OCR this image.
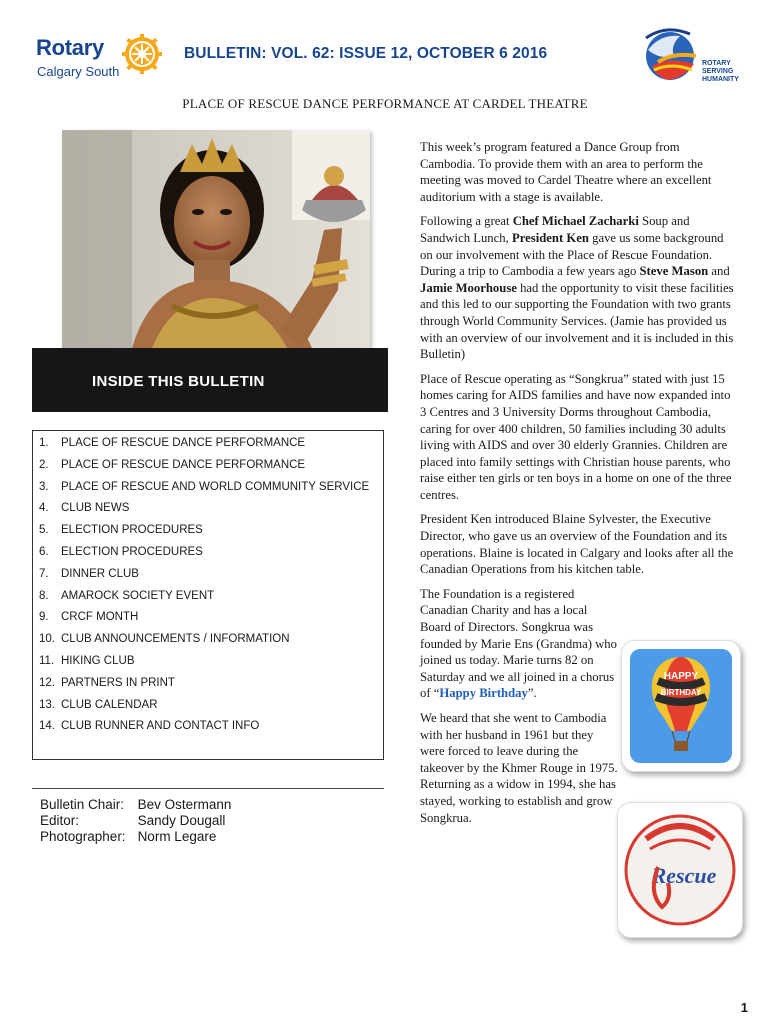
Rotary
Calgary South
BULLETIN: VOL. 62: ISSUE 12, OCTOBER 6 2016
ROTARY
SERVING
HUMANITY
PLACE OF RESCUE DANCE PERFORMANCE AT CARDEL THEATRE
INSIDE THIS BULLETIN
1.	PLACE OF RESCUE DANCE PERFORMANCE
2.	PLACE OF RESCUE DANCE PERFORMANCE
3.	PLACE OF RESCUE AND WORLD COMMUNITY SERVICE
4.	CLUB NEWS
5.	ELECTION PROCEDURES
6.	ELECTION PROCEDURES
7.	DINNER CLUB
8.	AMAROCK SOCIETY EVENT
9.	CRCF MONTH
10. CLUB ANNOUNCEMENTS / INFORMATION
11. HIKING CLUB
12. PARTNERS IN PRINT
13. CLUB CALENDAR
14. CLUB RUNNER AND CONTACT INFO
Bulletin Chair:	Bev Ostermann
Editor:	Sandy Dougall
Photographer:	Norm Legare

This week’s program featured a Dance Group from Cambodia. To provide them with an area to perform the meeting was moved to Cardel Theatre where an excellent auditorium with a stage is available.

Following a great Chef Michael Zacharki Soup and Sandwich Lunch, President Ken gave us some background on our involvement with the Place of Rescue Foundation. During a trip to Cambodia a few years ago Steve Mason and Jamie Moorhouse had the opportunity to visit these facilities and this led to our supporting the Foundation with two grants through World Community Services. (Jamie has provided us with an overview of our involvement and it is included in this Bulletin)

Place of Rescue operating as “Songkrua” stated with just 15 homes caring for AIDS families and have now expanded into 3 Centres and 3 University Dorms throughout Cambodia, caring for over 400 children, 50 families including 30 adults living with AIDS and over 30 elderly Grannies. Children are placed into family settings with Christian house parents, who raise either ten girls or ten boys in a home on one of the three centres.

President Ken introduced Blaine Sylvester, the Executive Director, who gave us an overview of the Foundation and its operations. Blaine is located in Calgary and looks after all the Canadian Operations from his kitchen table.

The Foundation is a registered Canadian Charity and has a local Board of Directors. Songkrua was founded by Marie Ens (Grandma) who joined us today. Marie turns 82 on Saturday and we all joined in a chorus of “Happy Birthday”.

We heard that she went to Cambodia with her husband in 1961 but they were forced to leave during the takeover by the Khmer Rouge in 1975. Returning as a widow in 1994, she has stayed, working to establish and grow Songkrua.

HAPPY
BIRTHDAY
Rescue
1
